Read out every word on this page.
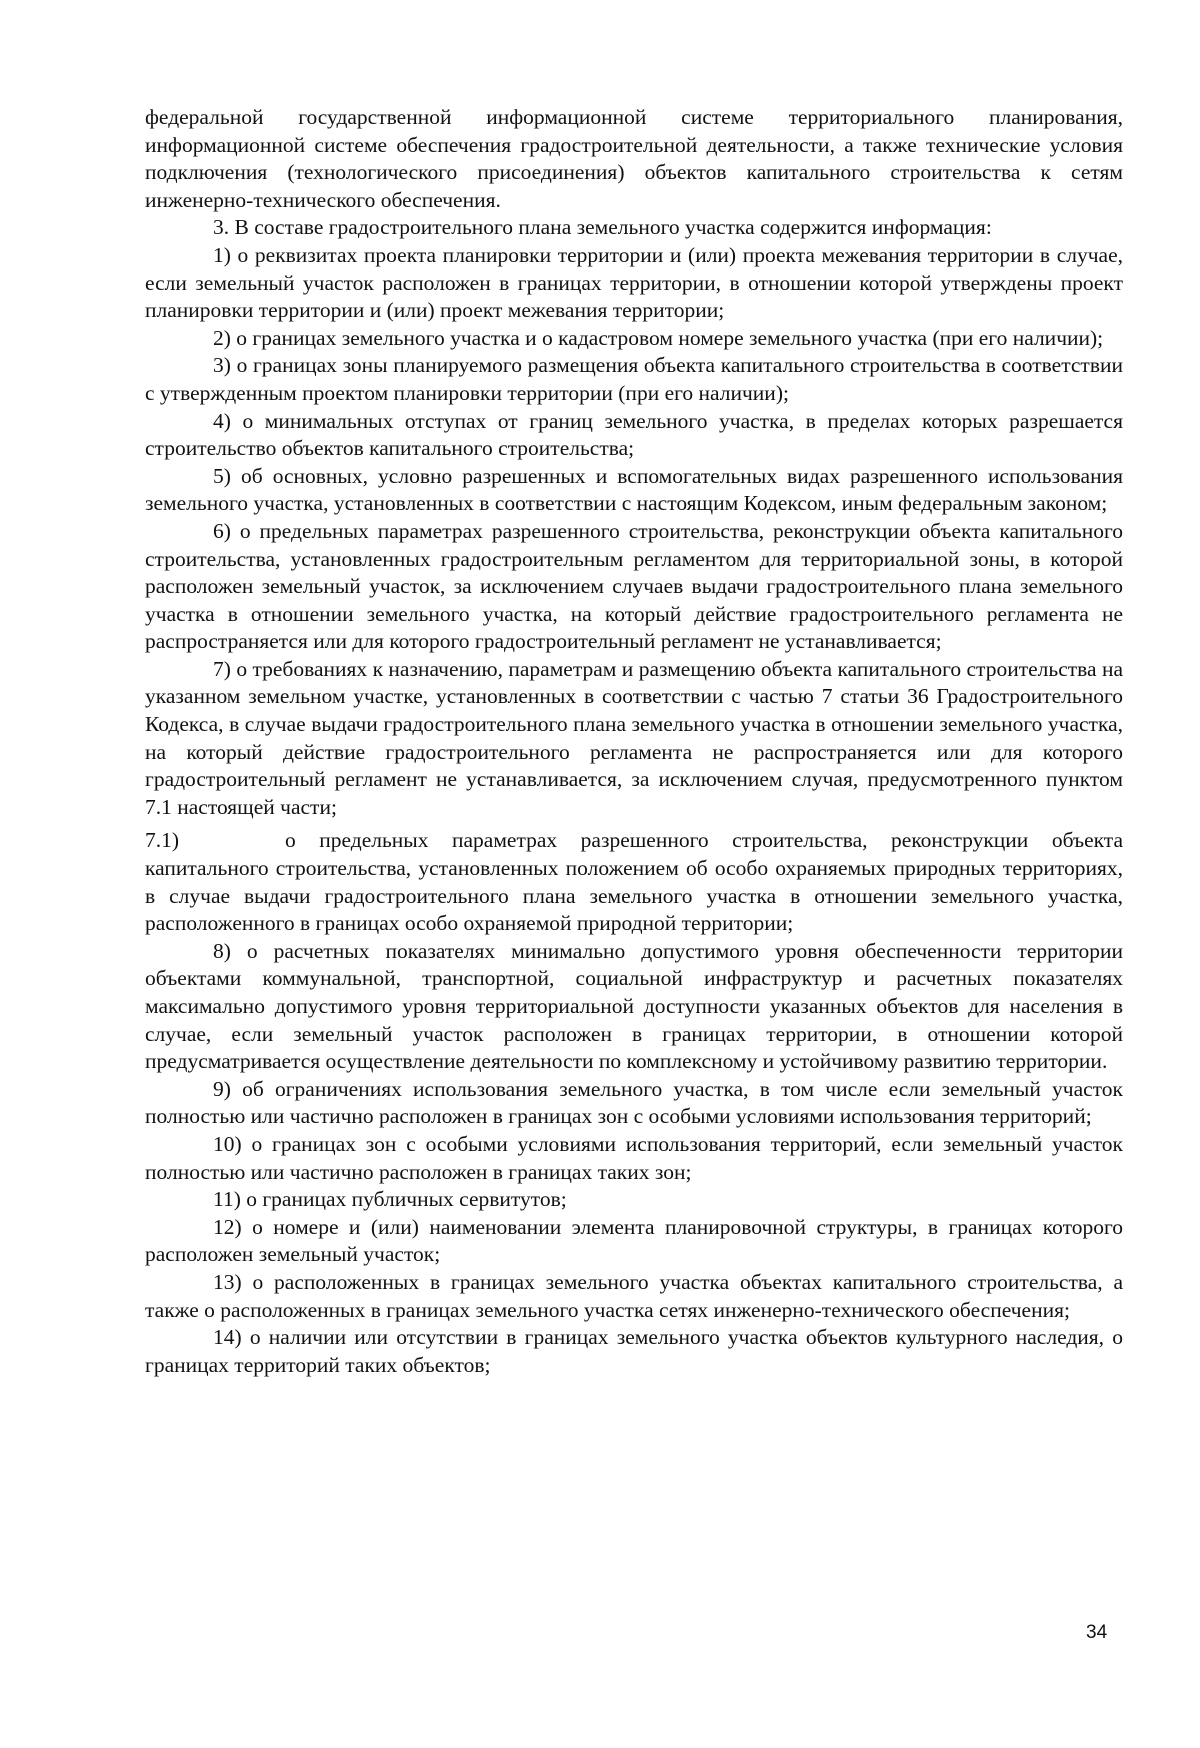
федеральной государственной информационной системе территориального планирования, информационной системе обеспечения градостроительной деятельности, а также технические условия подключения (технологического присоединения) объектов капитального строительства к сетям инженерно-технического обеспечения.

3. В составе градостроительного плана земельного участка содержится информация:

1) о реквизитах проекта планировки территории и (или) проекта межевания территории в случае, если земельный участок расположен в границах территории, в отношении которой утверждены проект планировки территории и (или) проект межевания территории;

2) о границах земельного участка и о кадастровом номере земельного участка (при его наличии);

3) о границах зоны планируемого размещения объекта капитального строительства в соответствии с утвержденным проектом планировки территории (при его наличии);

4) о минимальных отступах от границ земельного участка, в пределах которых разрешается строительство объектов капитального строительства;

5) об основных, условно разрешенных и вспомогательных видах разрешенного использования земельного участка, установленных в соответствии с настоящим Кодексом, иным федеральным законом;

6) о предельных параметрах разрешенного строительства, реконструкции объекта капитального строительства, установленных градостроительным регламентом для территориальной зоны, в которой расположен земельный участок, за исключением случаев выдачи градостроительного плана земельного участка в отношении земельного участка, на который действие градостроительного регламента не распространяется или для которого градостроительный регламент не устанавливается;

7) о требованиях к назначению, параметрам и размещению объекта капитального строительства на указанном земельном участке, установленных в соответствии с частью 7 статьи 36 Градостроительного Кодекса, в случае выдачи градостроительного плана земельного участка в отношении земельного участка, на который действие градостроительного регламента не распространяется или для которого градостроительный регламент не устанавливается, за исключением случая, предусмотренного пунктом 7.1 настоящей части;

7.1)	о предельных параметрах разрешенного строительства, реконструкции объекта капитального строительства, установленных положением об особо охраняемых природных территориях, в случае выдачи градостроительного плана земельного участка в отношении земельного участка, расположенного в границах особо охраняемой природной территории;

8) о расчетных показателях минимально допустимого уровня обеспеченности территории объектами коммунальной, транспортной, социальной инфраструктур и расчетных показателях максимально допустимого уровня территориальной доступности указанных объектов для населения в случае, если земельный участок расположен в границах территории, в отношении которой предусматривается осуществление деятельности по комплексному и устойчивому развитию территории.

9) об ограничениях использования земельного участка, в том числе если земельный участок полностью или частично расположен в границах зон с особыми условиями использования территорий;

10) о границах зон с особыми условиями использования территорий, если земельный участок полностью или частично расположен в границах таких зон;

11) о границах публичных сервитутов;

12) о номере и (или) наименовании элемента планировочной структуры, в границах которого расположен земельный участок;

13) о расположенных в границах земельного участка объектах капитального строительства, а также о расположенных в границах земельного участка сетях инженерно-технического обеспечения;

14) о наличии или отсутствии в границах земельного участка объектов культурного наследия, о границах территорий таких объектов;

34
